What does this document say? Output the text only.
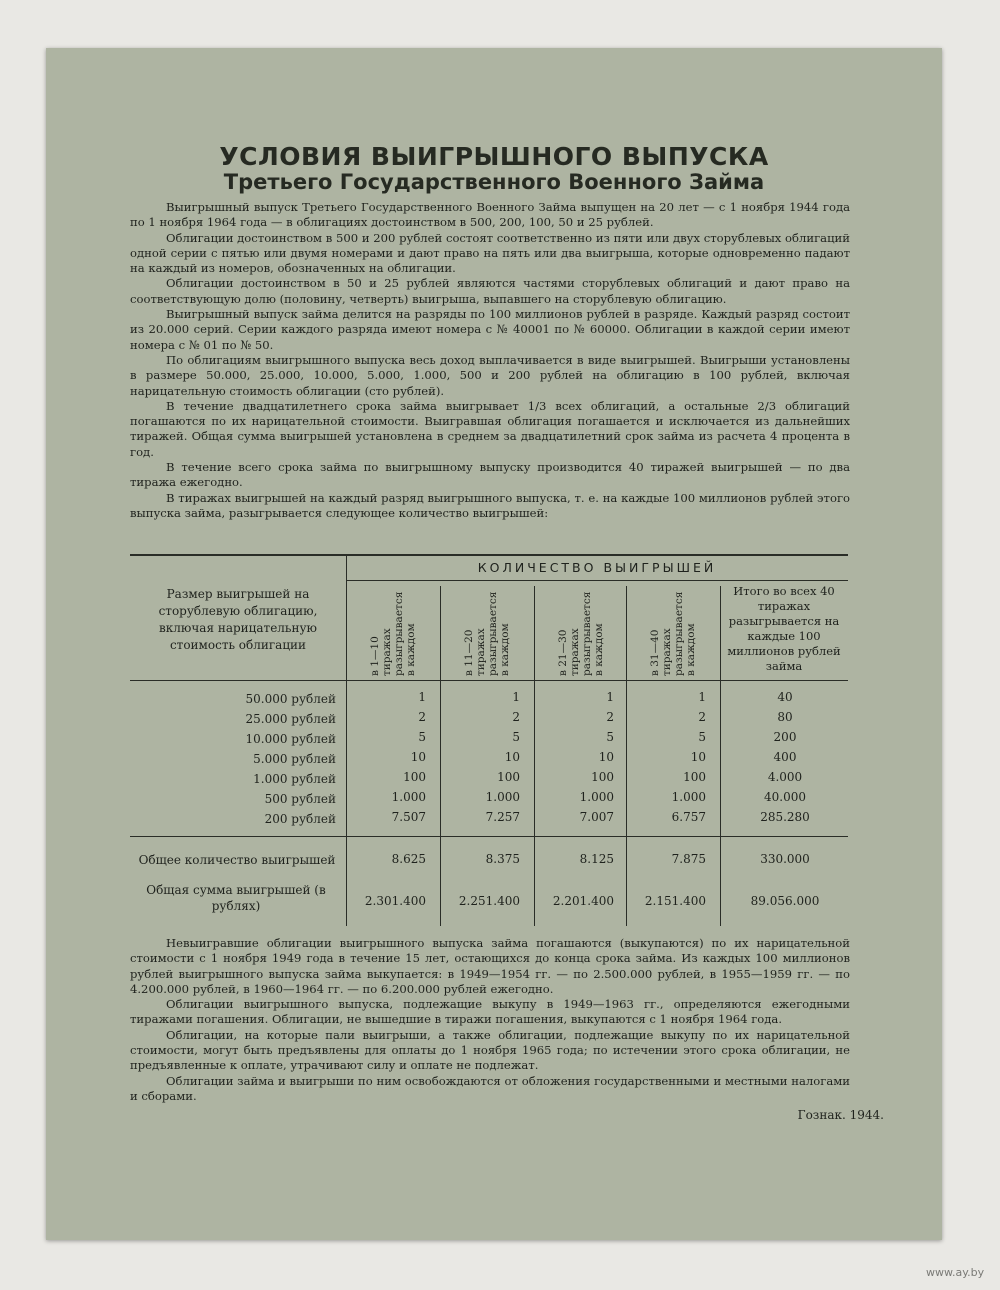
УСЛОВИЯ ВЫИГРЫШНОГО ВЫПУСКА
Третьего Государственного Военного Займа

Выигрышный выпуск Третьего Государственного Военного Займа выпущен на 20 лет — с 1 ноября 1944 года по 1 ноября 1964 года — в облигациях достоинством в 500, 200, 100, 50 и 25 рублей.

Облигации достоинством в 500 и 200 рублей состоят соответственно из пяти или двух сторублевых облигаций одной серии с пятью или двумя номерами и дают право на пять или два выигрыша, которые одновременно падают на каждый из номеров, обозначенных на облигации.

Облигации достоинством в 50 и 25 рублей являются частями сторублевых облигаций и дают право на соответствующую долю (половину, четверть) выигрыша, выпавшего на сторублевую облигацию.

Выигрышный выпуск займа делится на разряды по 100 миллионов рублей в разряде. Каждый разряд состоит из 20.000 серий. Серии каждого разряда имеют номера с № 40001 по № 60000. Облигации в каждой серии имеют номера с № 01 по № 50.

По облигациям выигрышного выпуска весь доход выплачивается в виде выигрышей. Выигрыши установлены в размере 50.000, 25.000, 10.000, 5.000, 1.000, 500 и 200 рублей на облигацию в 100 рублей, включая нарицательную стоимость облигации (сто рублей).

В течение двадцатилетнего срока займа выигрывает 1/3 всех облигаций, а остальные 2/3 облигаций погашаются по их нарицательной стоимости. Выигравшая облигация погашается и исключается из дальнейших тиражей. Общая сумма выигрышей установлена в среднем за двадцатилетний срок займа из расчета 4 процента в год.

В течение всего срока займа по выигрышному выпуску производится 40 тиражей выигрышей — по два тиража ежегодно.

В тиражах выигрышей на каждый разряд выигрышного выпуска, т. е. на каждые 100 миллионов рублей этого выпуска займа, разыгрывается следующее количество выигрышей:

Размер выигрышей на сторублевую облигацию, включая нарицательную стоимость облигации
КОЛИЧЕСТВО ВЫИГРЫШЕЙ
в 1—10 тиражах разыгрывается в каждом	в 11—20 тиражах разыгрывается в каждом	в 21—30 тиражах разыгрывается в каждом	в 31—40 тиражах разыгрывается в каждом
Итого во всех 40 тиражах разыгрывается на каждые 100 миллионов рублей займа
50.000 рублей	1	1	1	1	40
25.000 рублей	2	2	2	2	80
10.000 рублей	5	5	5	5	200
5.000 рублей	10	10	10	10	400
1.000 рублей	100	100	100	100	4.000
500 рублей	1.000	1.000	1.000	1.000	40.000
200 рублей	7.507	7.257	7.007	6.757	285.280
Общее количество выигрышей	8.625	8.375	8.125	7.875	330.000
Общая сумма выигрышей (в рублях)	2.301.400	2.251.400	2.201.400	2.151.400	89.056.000

Невыигравшие облигации выигрышного выпуска займа погашаются (выкупаются) по их нарицательной стоимости с 1 ноября 1949 года в течение 15 лет, остающихся до конца срока займа. Из каждых 100 миллионов рублей выигрышного выпуска займа выкупается: в 1949—1954 гг. — по 2.500.000 рублей, в 1955—1959 гг. — по 4.200.000 рублей, в 1960—1964 гг. — по 6.200.000 рублей ежегодно.

Облигации выигрышного выпуска, подлежащие выкупу в 1949—1963 гг., определяются ежегодными тиражами погашения. Облигации, не вышедшие в тиражи погашения, выкупаются с 1 ноября 1964 года.

Облигации, на которые пали выигрыши, а также облигации, подлежащие выкупу по их нарицательной стоимости, могут быть предъявлены для оплаты до 1 ноября 1965 года; по истечении этого срока облигации, не предъявленные к оплате, утрачивают силу и оплате не подлежат.

Облигации займа и выигрыши по ним освобождаются от обложения государственными и местными налогами и сборами.

Гознак. 1944.
www.ay.by
